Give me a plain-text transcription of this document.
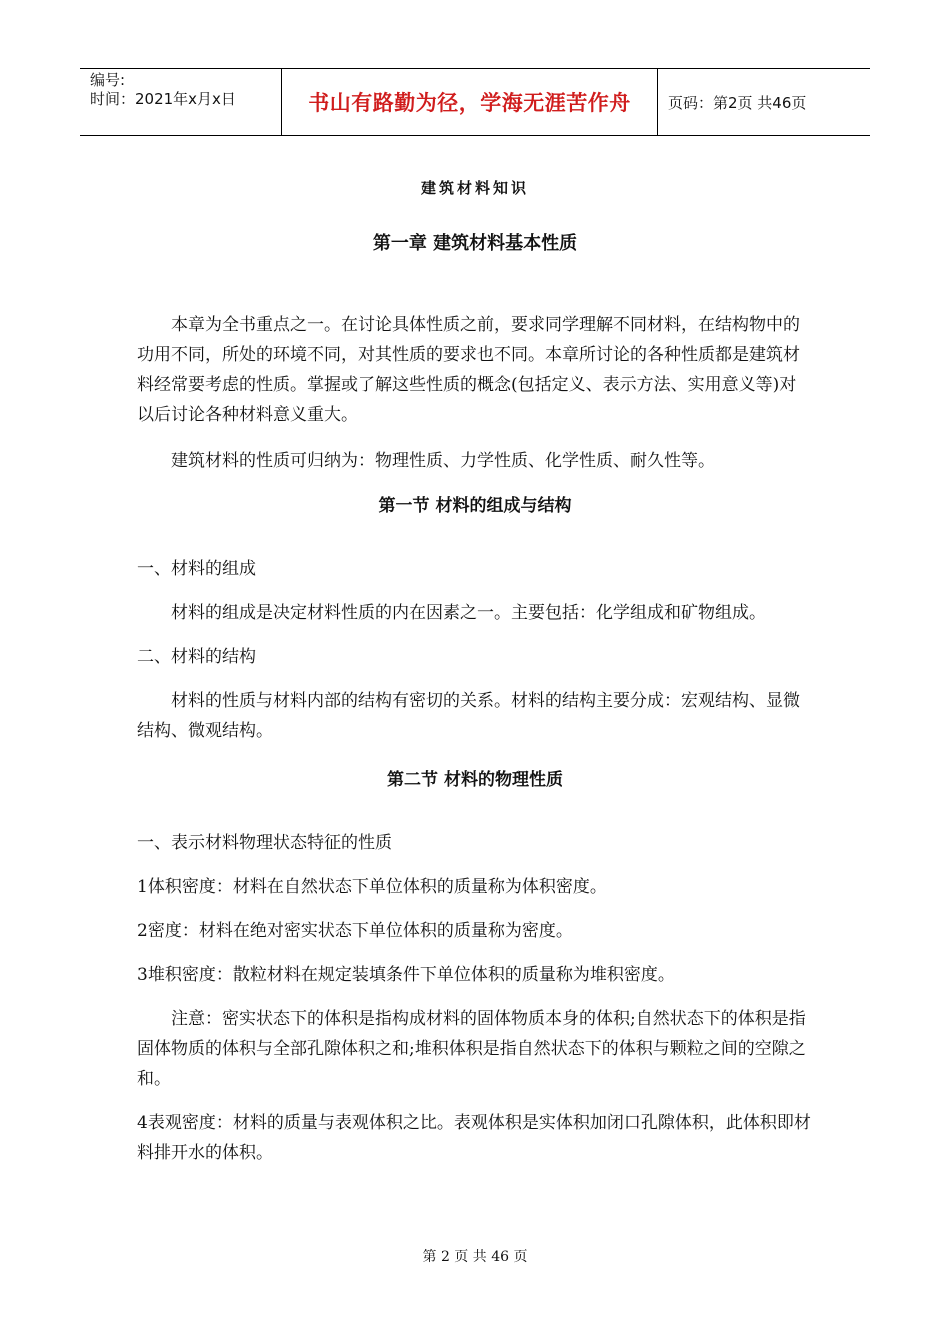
编号:
时间：2021年x月x日	书山有路勤为径，学海无涯苦作舟	页码：第2页 共46页
建筑材料知识
第一章 建筑材料基本性质

本章为全书重点之一。在讨论具体性质之前，要求同学理解不同材料，在结构物中的功用不同，所处的环境不同，对其性质的要求也不同。本章所讨论的各种性质都是建筑材料经常要考虑的性质。掌握或了解这些性质的概念(包括定义、表示方法、实用意义等)对以后讨论各种材料意义重大。

建筑材料的性质可归纳为：物理性质、力学性质、化学性质、耐久性等。

第一节 材料的组成与结构

一、材料的组成

材料的组成是决定材料性质的内在因素之一。主要包括：化学组成和矿物组成。

二、材料的结构

材料的性质与材料内部的结构有密切的关系。材料的结构主要分成：宏观结构、显微结构、微观结构。

第二节 材料的物理性质

一、表示材料物理状态特征的性质

1体积密度：材料在自然状态下单位体积的质量称为体积密度。

2密度：材料在绝对密实状态下单位体积的质量称为密度。

3堆积密度：散粒材料在规定装填条件下单位体积的质量称为堆积密度。

注意：密实状态下的体积是指构成材料的固体物质本身的体积;自然状态下的体积是指固体物质的体积与全部孔隙体积之和;堆积体积是指自然状态下的体积与颗粒之间的空隙之和。

4表观密度：材料的质量与表观体积之比。表观体积是实体积加闭口孔隙体积，此体积即材料排开水的体积。

第 2 页 共 46 页
